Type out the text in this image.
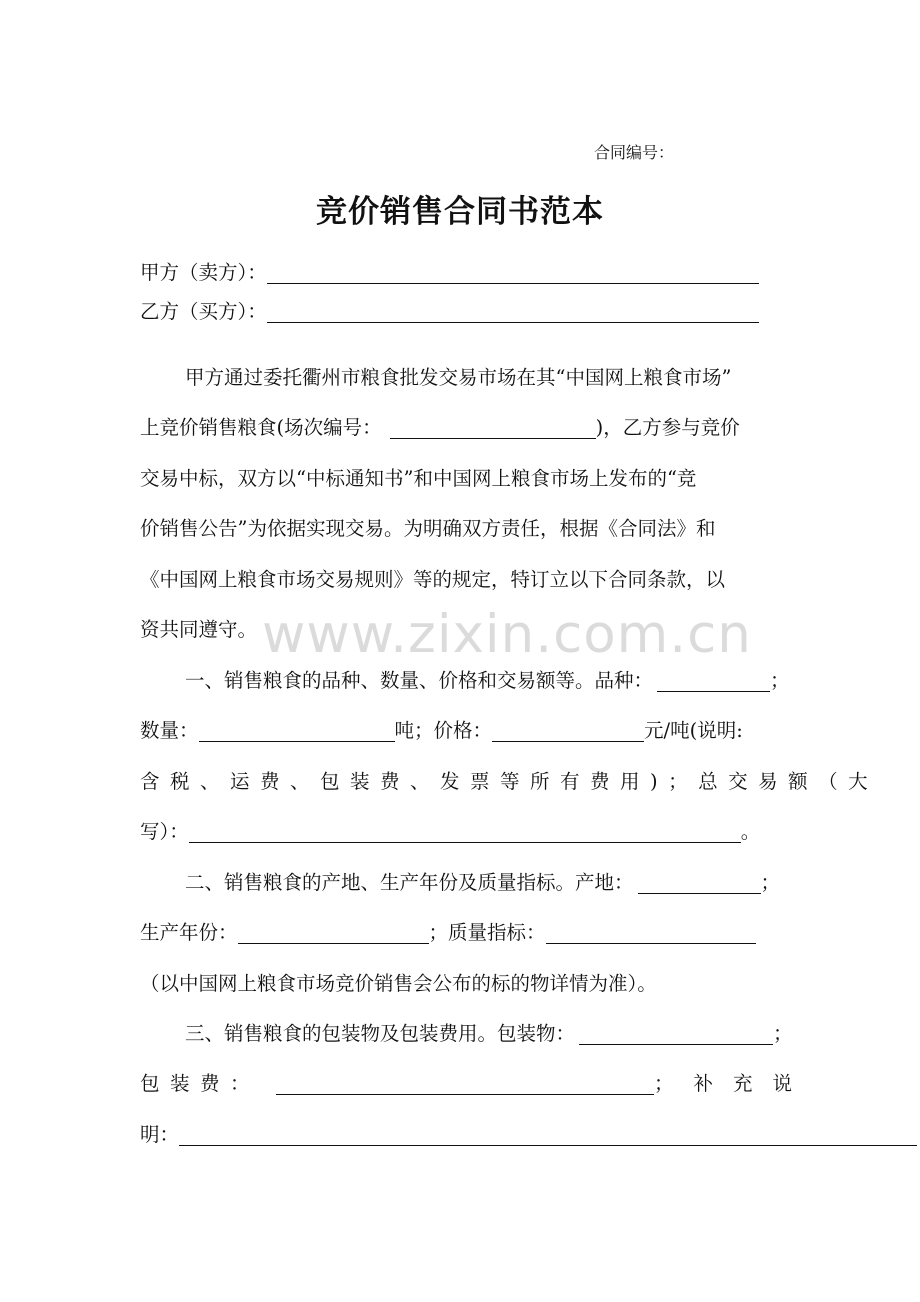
合同编号：
竞价销售合同书范本
甲方（卖方）：
乙方（买方）：
甲方通过委托衢州市粮食批发交易市场在其“中国网上粮食市场”
上竞价销售粮食(场次编号：	)，乙方参与竞价
交易中标，双方以“中标通知书”和中国网上粮食市场上发布的“竞
价销售公告”为依据实现交易。为明确双方责任，根据《合同法》和
《中国网上粮食市场交易规则》等的规定，特订立以下合同条款，以
资共同遵守。
一、销售粮食的品种、数量、价格和交易额等。品种：	；
数量：	吨；价格：	元/吨(说明:
含税、运费、包装费、发票等所有费用)；总交易额（大
写）：	。
二、销售粮食的产地、生产年份及质量指标。产地：	；
生产年份：	；质量指标：
（以中国网上粮食市场竞价销售会公布的标的物详情为准）。
三、销售粮食的包装物及包装费用。包装物：	；
包装费：	；补充说
明：
www.zixin.com.cn
